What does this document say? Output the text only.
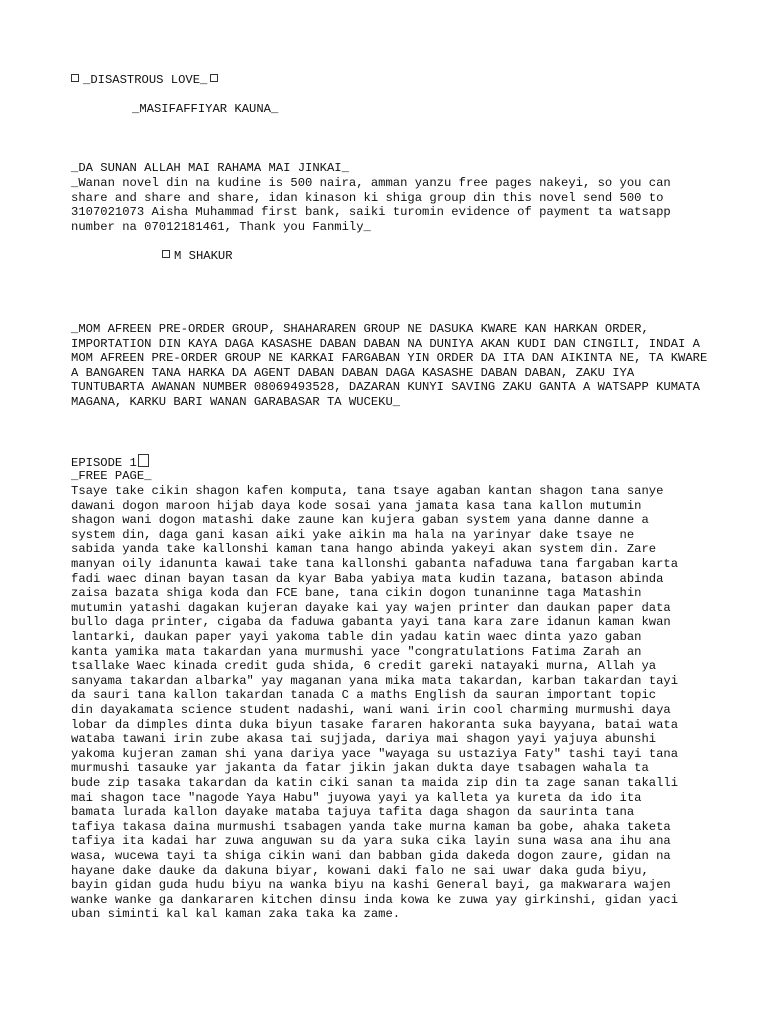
_DISASTROUS LOVE_
_MASIFAFFIYAR KAUNA_
_DA SUNAN ALLAH MAI RAHAMA MAI JINKAI_
_Wanan novel din na kudine is 500 naira, amman yanzu free pages nakeyi, so you can share and share and share, idan kinason ki shiga group din this novel send 500 to 3107021073 Aisha Muhammad first bank, saiki turomin evidence of payment ta watsapp number na 07012181461, Thank you Fanmily_
M SHAKUR
_MOM AFREEN PRE-ORDER GROUP, SHAHARAREN GROUP NE DASUKA KWARE KAN HARKAN ORDER, IMPORTATION DIN KAYA DAGA KASASHE DABAN DABAN NA DUNIYA AKAN KUDI DAN CINGILI, INDAI A MOM AFREEN PRE-ORDER GROUP NE KARKAI FARGABAN YIN ORDER DA ITA DAN AIKINTA NE, TA KWARE A BANGAREN TANA HARKA DA AGENT DABAN DABAN DAGA KASASHE DABAN DABAN, ZAKU IYA TUNTUBARTA AWANAN NUMBER 08069493528, DAZARAN KUNYI SAVING ZAKU GANTA A WATSAPP KUMATA MAGANA, KARKU BARI WANAN GARABASAR TA WUCEKU_
EPISODE 1
_FREE PAGE_
Tsaye take cikin shagon kafen komputa, tana tsaye agaban kantan shagon tana sanye
dawani dogon maroon hijab daya kode sosai yana jamata kasa tana kallon mutumin
shagon wani dogon matashi dake zaune kan kujera gaban system yana danne danne a
system din, daga gani kasan aiki yake aikin ma hala na yarinyar dake tsaye ne
sabida yanda take kallonshi kaman tana hango abinda yakeyi akan system din. Zare
manyan oily idanunta kawai take tana kallonshi gabanta nafaduwa tana fargaban karta
fadi waec dinan bayan tasan da kyar Baba yabiya mata kudin tazana, batason abinda
zaisa bazata shiga koda dan FCE bane, tana cikin dogon tunaninne taga Matashin
mutumin yatashi dagakan kujeran dayake kai yay wajen printer dan daukan paper data
bullo daga printer, cigaba da faduwa gabanta yayi tana kara zare idanun kaman kwan
lantarki, daukan paper yayi yakoma table din yadau katin waec dinta yazo gaban
kanta yamika mata takardan yana murmushi yace "congratulations Fatima Zarah an
tsallake Waec kinada credit guda shida, 6 credit gareki natayaki murna, Allah ya
sanyama takardan albarka" yay maganan yana mika mata takardan, karban takardan tayi
da sauri tana kallon takardan tanada C a maths English da sauran important topic
din dayakamata science student nadashi, wani wani irin cool charming murmushi daya
lobar da dimples dinta duka biyun tasake fararen hakoranta suka bayyana, batai wata
wataba tawani irin zube akasa tai sujjada, dariya mai shagon yayi yajuya abunshi
yakoma kujeran zaman shi yana dariya yace "wayaga su ustaziya Faty" tashi tayi tana
murmushi tasauke yar jakanta da fatar jikin jakan dukta daye tsabagen wahala ta
bude zip tasaka takardan da katin ciki sanan ta maida zip din ta zage sanan takalli
mai shagon tace "nagode Yaya Habu" juyowa yayi ya kalleta ya kureta da ido ita
bamata lurada kallon dayake mataba tajuya tafita daga shagon da saurinta tana
tafiya takasa daina murmushi tsabagen yanda take murna kaman ba gobe, ahaka taketa
tafiya ita kadai har zuwa anguwan su da yara suka cika layin suna wasa ana ihu ana
wasa, wucewa tayi ta shiga cikin wani dan babban gida dakeda dogon zaure, gidan na
hayane dake dauke da dakuna biyar, kowani daki falo ne sai uwar daka guda biyu,
bayin gidan guda hudu biyu na wanka biyu na kashi General bayi, ga makwarara wajen
wanke wanke ga dankararen kitchen dinsu inda kowa ke zuwa yay girkinshi, gidan yaci
uban siminti kal kal kaman zaka taka ka zame.
